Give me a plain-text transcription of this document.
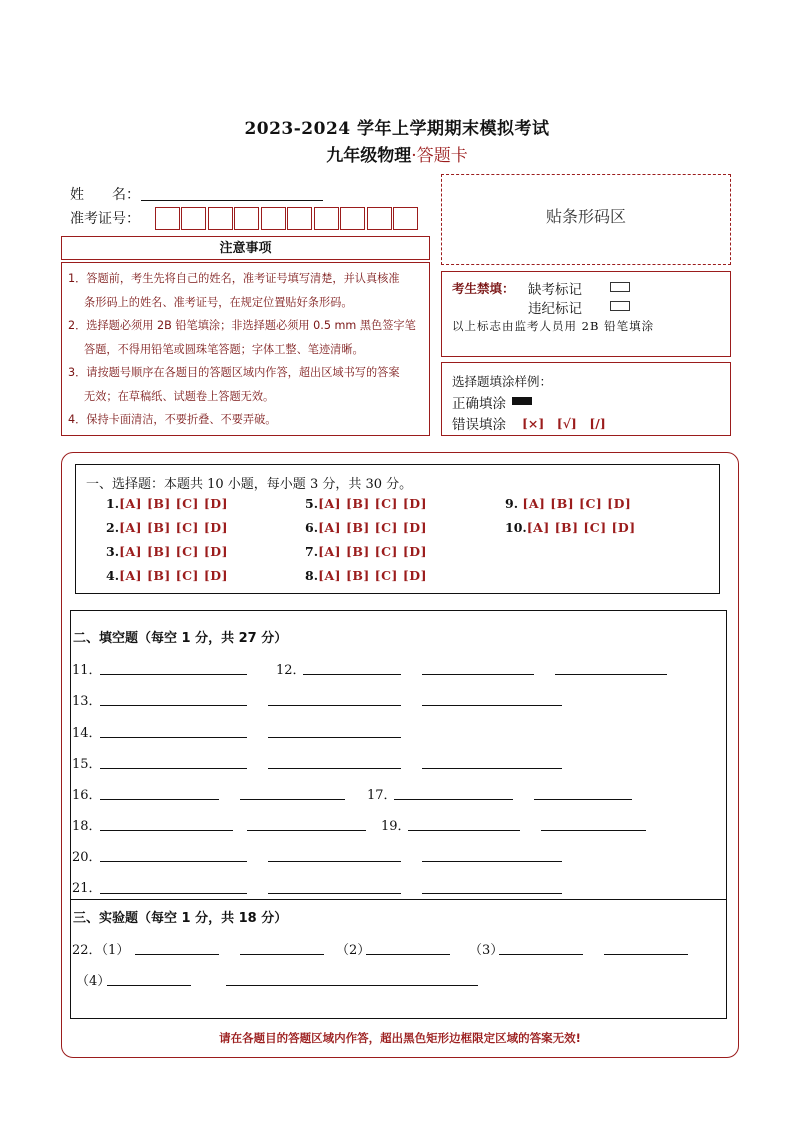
2023-2024 学年上学期期末模拟考试
九年级物理·答题卡
姓　　名：
准考证号：
注意事项
1．答题前，考生先将自己的姓名，准考证号填写清楚，并认真核准
条形码上的姓名、准考证号，在规定位置贴好条形码。
2．选择题必须用 2B 铅笔填涂；非选择题必须用 0.5 mm 黑色签字笔
答题，不得用铅笔或圆珠笔答题；字体工整、笔迹清晰。
3．请按题号顺序在各题目的答题区域内作答，超出区域书写的答案
无效；在草稿纸、试题卷上答题无效。
4．保持卡面清洁，不要折叠、不要弄破。
贴条形码区
考生禁填： 缺考标记
违纪标记
以上标志由监考人员用 2B 铅笔填涂
选择题填涂样例：
正确填涂
错误填涂 [×]　[√]　[/]
一、选择题：本题共 10 小题，每小题 3 分，共 30 分。
1.[A] [B] [C] [D]
2.[A] [B] [C] [D]
3.[A] [B] [C] [D]
4.[A] [B] [C] [D]
5.[A] [B] [C] [D]
6.[A] [B] [C] [D]
7.[A] [B] [C] [D]
8.[A] [B] [C] [D]
9. [A] [B] [C] [D]
10.[A] [B] [C] [D]
二、填空题（每空 1 分，共 27 分）
11．	12．
13．
14．
15．
16．	17．
18．	19．
20．
21．
三、实验题（每空 1 分，共 18 分）
22．（1）	（2）	（3）
（4）
请在各题目的答题区域内作答，超出黑色矩形边框限定区域的答案无效!
